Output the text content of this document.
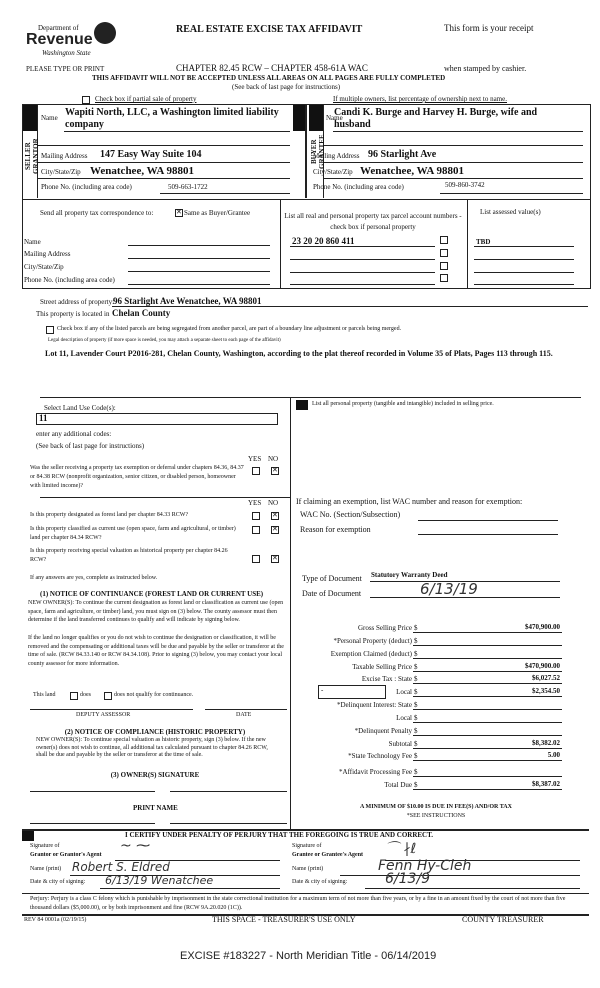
Department of
Revenue
Washington State
REAL ESTATE EXCISE TAX AFFIDAVIT	This form is your receipt
PLEASE TYPE OR PRINT	CHAPTER 82.45 RCW – CHAPTER 458-61A WAC	when stamped by cashier.
THIS AFFIDAVIT WILL NOT BE ACCEPTED UNLESS ALL AREAS ON ALL PAGES ARE FULLY COMPLETED
(See back of last page for instructions)
Check box if partial sale of property	If multiple owners, list percentage of ownership next to name.
SELLER GRANTOR	BUYER GRANTEE
Name Wapiti North, LLC, a Washington limited liability company
Mailing Address 147 Easy Way Suite 104
City/State/Zip Wenatchee, WA 98801
Phone No. (including area code)	509-663-1722
Name
Candi K. Burge and Harvey H. Burge, wife and husband
Mailing Address 96 Starlight Ave
City/State/Zip Wenatchee, WA 98801
Phone No. (including area code)	509-860-3742
Send all property tax correspondence to: ✕	Same as Buyer/Grantee
Name
Mailing Address
City/State/Zip
Phone No. (including area code)
List all real and personal property tax parcel account numbers - check box if personal property
List assessed value(s)
23 20 20 860 411	TBD
Street address of property:
96 Starlight Ave Wenatchee, WA 98801
This property is located in Chelan County
Check box if any of the listed parcels are being segregated from another parcel, are part of a boundary line adjustment or parcels being merged.
Legal description of property (if more space is needed, you may attach a separate sheet to each page of the affidavit)
Lot 11, Lavender Court P2016-281, Chelan County, Washington, according to the plat thereof recorded in Volume 35 of Plats, Pages 113 through 115.
Select Land Use Code(s):
11
enter any additional codes:
(See back of last page for instructions)
YES NO
Was the seller receiving a property tax exemption or deferral under chapters 84.36, 84.37 or 84.38 RCW (nonprofit organization, senior citizen, or disabled person, homeowner with limited income)?
✕
YES NO
Is this property designated as forest land per chapter 84.33 RCW?
✕
Is this property classified as current use (open space, farm and agricultural, or timber) land per chapter 84.34 RCW?
✕
Is this property receiving special valuation as historical property per chapter 84.26 RCW?
✕
If any answers are yes, complete as instructed below.
(1) NOTICE OF CONTINUANCE (FOREST LAND OR CURRENT USE)
NEW OWNER(S): To continue the current designation as forest land or classification as current use (open space, farm and agriculture, or timber) land, you must sign on (3) below. The county assessor must then determine if the land transferred continues to qualify and will indicate by signing below.
If the land no longer qualifies or you do not wish to continue the designation or classification, it will be removed and the compensating or additional taxes will be due and payable by the seller or transferor at the time of sale. (RCW 84.33.140 or RCW 84.34.108). Prior to signing (3) below, you may contact your local county assessor for more information.
This land	does	does not qualify for continuance.
DEPUTY ASSESSOR	DATE
(2) NOTICE OF COMPLIANCE (HISTORIC PROPERTY)
NEW OWNER(S): To continue special valuation as historic property, sign (3) below. If the new owner(s) does not wish to continue, all additional tax calculated pursuant to chapter 84.26 RCW, shall be due and payable by the seller or transferor at the time of sale.
(3) OWNER(S) SIGNATURE
PRINT NAME
List all personal property (tangible and intangible) included in selling price.
If claiming an exemption, list WAC number and reason for exemption:
WAC No. (Section/Subsection)
Reason for exemption
Type of Document Statutory Warranty Deed
Date of Document	6/13/19
Gross Selling Price $	$470,900.00
*Personal Property (deduct) $
Exemption Claimed (deduct) $
Taxable Selling Price $	$470,900.00
Excise Tax : State $	$6,027.52
-	Local $	$2,354.50
*Delinquent Interest: State $
Local $
*Delinquent Penalty $
Subtotal $	$8,382.02
*State Technology Fee $	5.00
*Affidavit Processing Fee $
Total Due $	$8,387.02
A MINIMUM OF $10.00 IS DUE IN FEE(S) AND/OR TAX
*SEE INSTRUCTIONS
I CERTIFY UNDER PENALTY OF PERJURY THAT THE FOREGOING IS TRUE AND CORRECT.
Signature of
Grantor or Grantor's Agent
~ ⁓
Name (print) Robert S. Eldred
Date & city of signing: 6/13/19 Wenatchee
Signature of
Grantee or Grantee's Agent ⌒ ∤ℓ
Name (print)	Fenn Hy-Cleh
Date & city of signing:	6/13/9
Perjury: Perjury is a class C felony which is punishable by imprisonment in the state correctional institution for a maximum term of not more than five years, or by a fine in an amount fixed by the court of not more than five thousand dollars ($5,000.00), or by both imprisonment and fine (RCW 9A.20.020 (1C)).
REV 84 0001a (02/19/15)	THIS SPACE - TREASURER'S USE ONLY	COUNTY TREASURER
EXCISE #183227 - North Meridian Title - 06/14/2019
